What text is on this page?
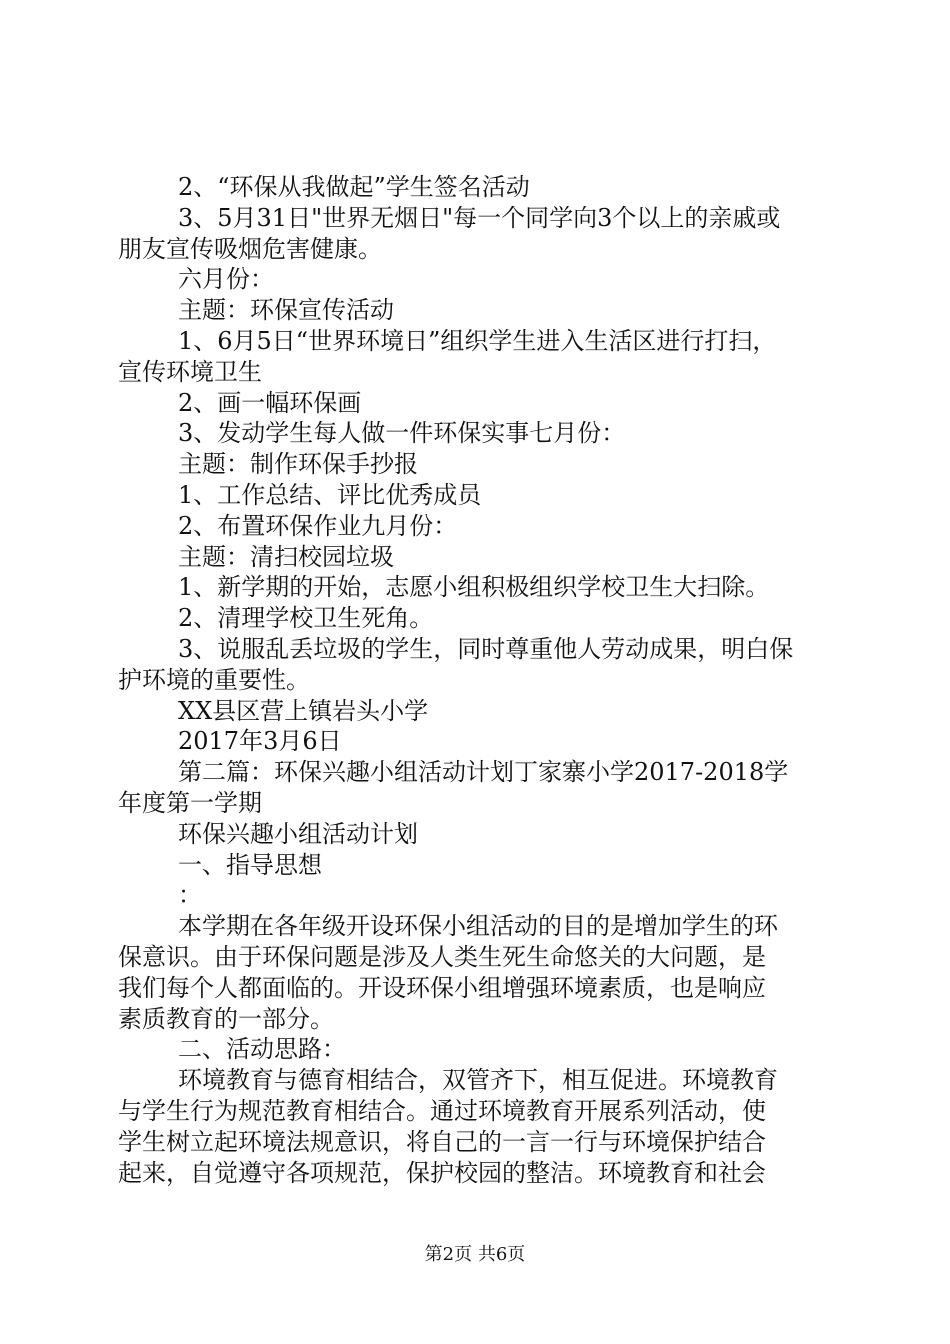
2、“环保从我做起”学生签名活动
3、5月31日"世界无烟日"每一个同学向3个以上的亲戚或
朋友宣传吸烟危害健康。
六月份：
主题：环保宣传活动
1、6月5日“世界环境日”组织学生进入生活区进行打扫，
宣传环境卫生
2、画一幅环保画
3、发动学生每人做一件环保实事七月份：
主题：制作环保手抄报
1、工作总结、评比优秀成员
2、布置环保作业九月份：
主题：清扫校园垃圾
1、新学期的开始，志愿小组积极组织学校卫生大扫除。
2、清理学校卫生死角。
3、说服乱丢垃圾的学生，同时尊重他人劳动成果，明白保
护环境的重要性。
XX县区营上镇岩头小学
2017年3月6日
第二篇：环保兴趣小组活动计划丁家寨小学2017-2018学
年度第一学期
环保兴趣小组活动计划
一、指导思想
：
本学期在各年级开设环保小组活动的目的是增加学生的环
保意识。由于环保问题是涉及人类生死生命悠关的大问题，是
我们每个人都面临的。开设环保小组增强环境素质，也是响应
素质教育的一部分。
二、活动思路：
环境教育与德育相结合，双管齐下，相互促进。环境教育
与学生行为规范教育相结合。通过环境教育开展系列活动，使
学生树立起环境法规意识，将自己的一言一行与环境保护结合
起来，自觉遵守各项规范，保护校园的整洁。环境教育和社会
第2页 共6页
